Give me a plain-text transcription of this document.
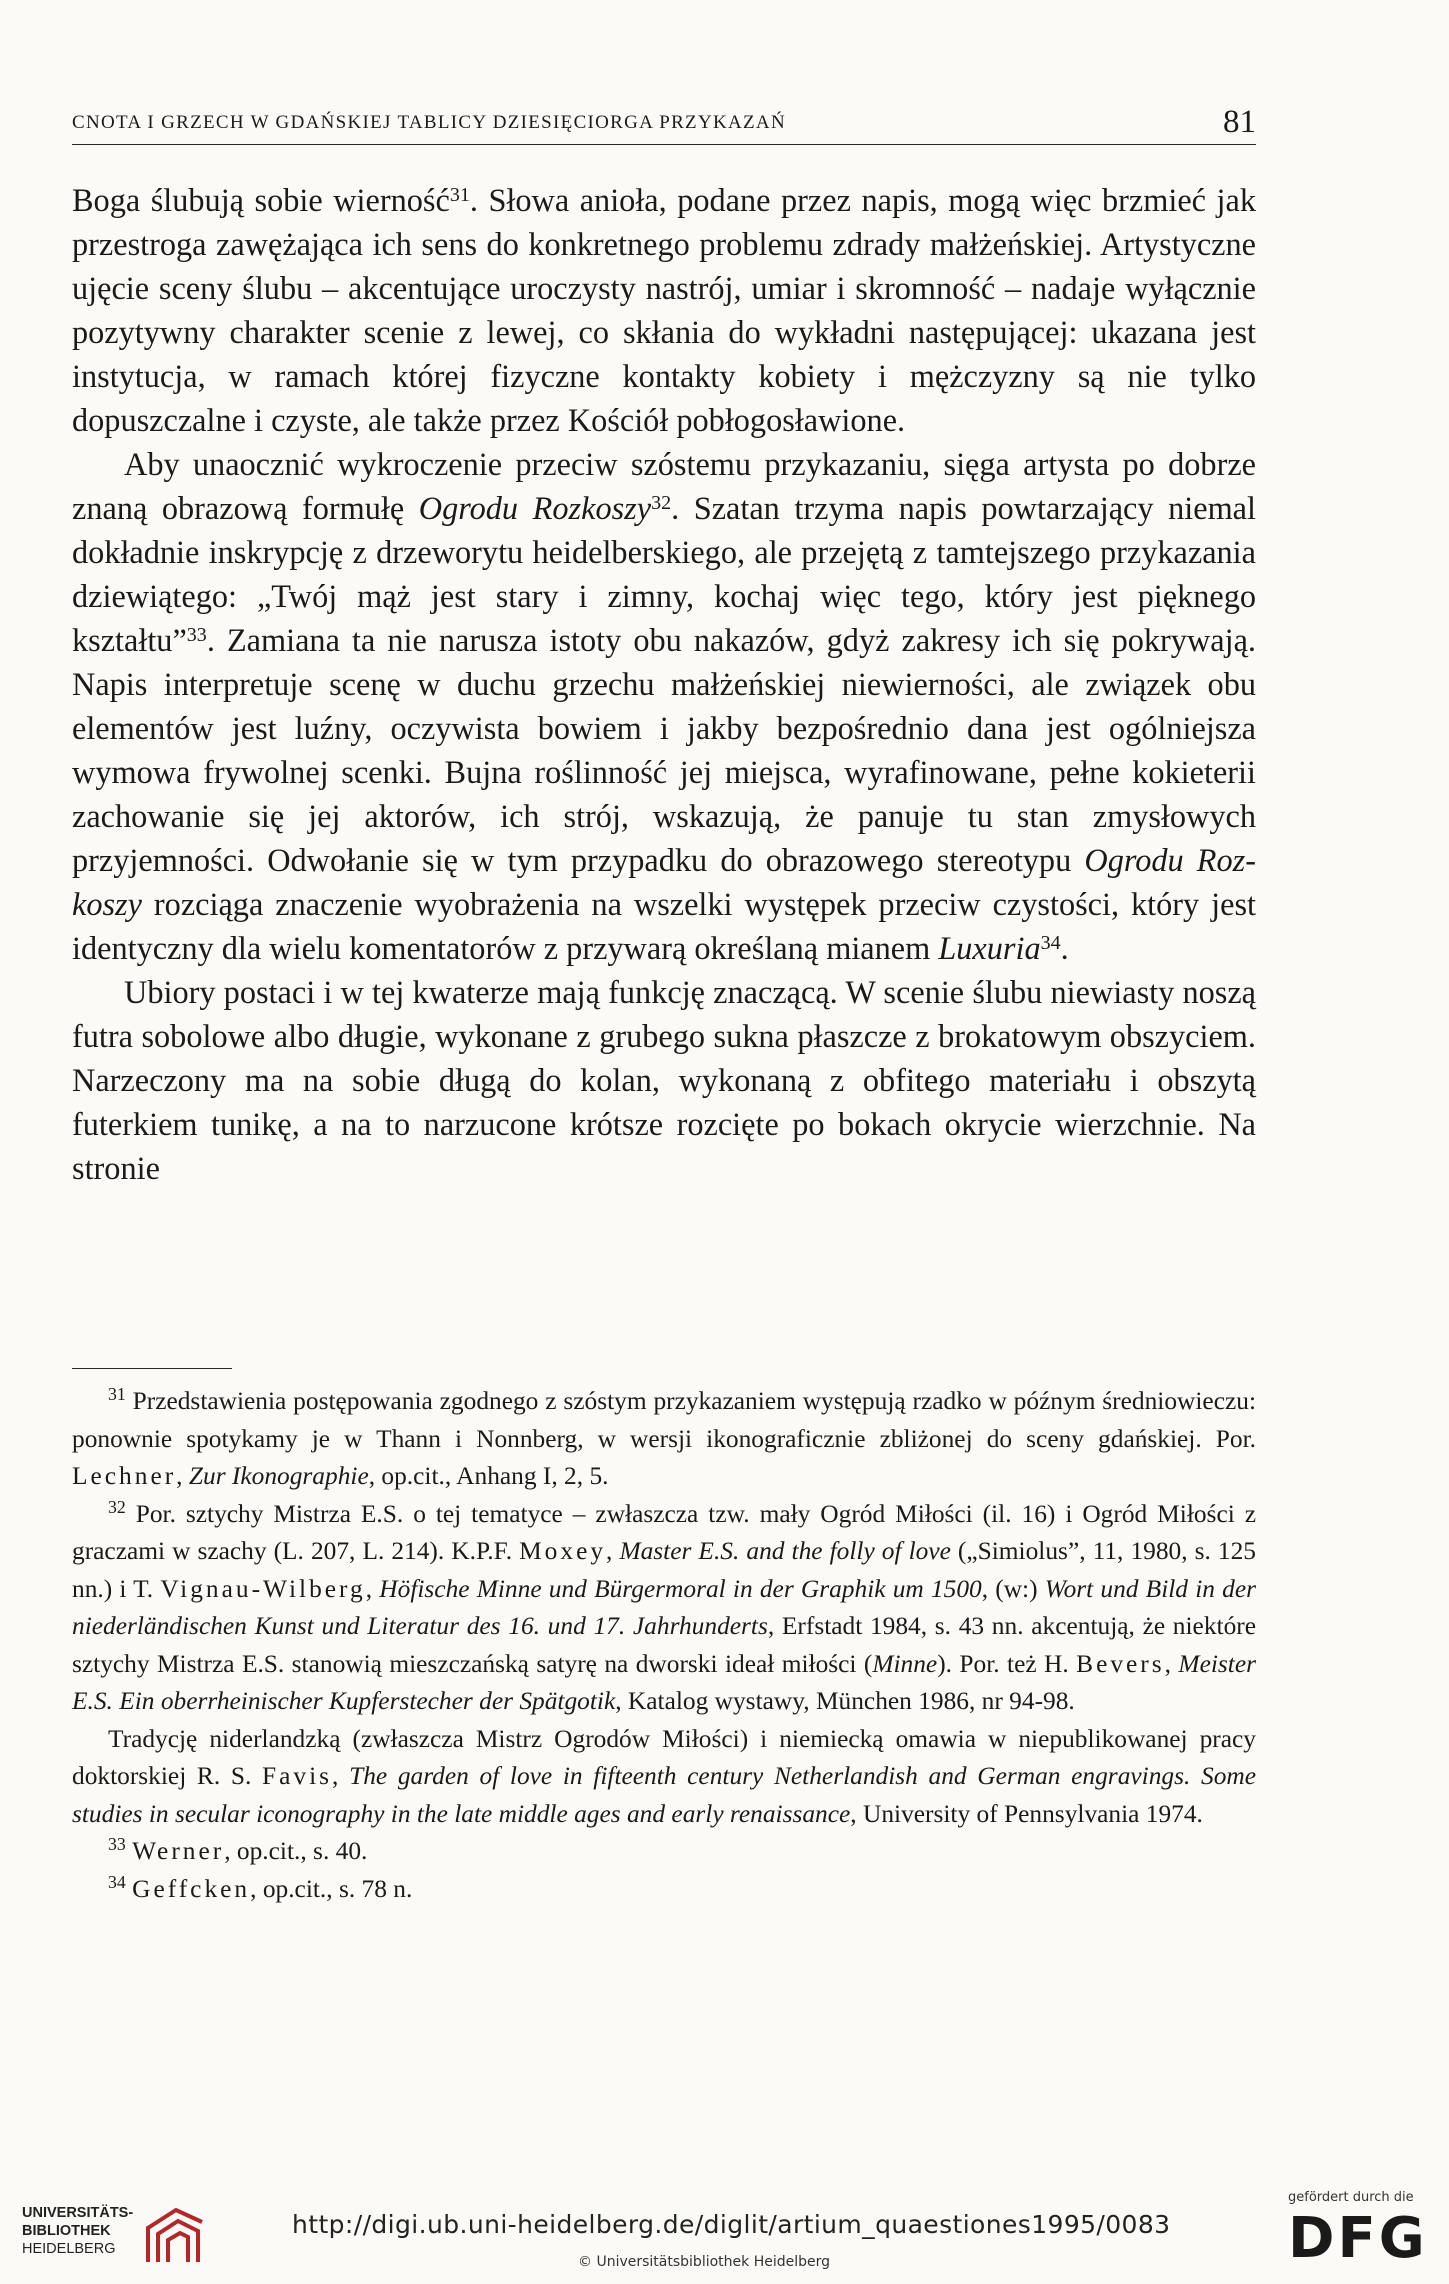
CNOTA I GRZECH W GDAŃSKIEJ TABLICY DZIESIĘCIORGA PRZYKAZAŃ	81

Boga ślubują sobie wierność$^{31}$. Słowa anioła, podane przez napis, mogą więc brzmieć jak przestroga zawężająca ich sens do konkretnego problemu zdrady małżeńskiej. Artystyczne ujęcie sceny ślubu – akcentujące uroczysty nastrój, umiar i skromność – nadaje wyłącznie pozytywny charakter scenie z lewej, co skłania do wykładni następującej: ukazana jest instytucja, w ramach której fizyczne kontakty kobiety i mężczyzny są nie tylko dopuszczalne i czyste, ale także przez Kościół pobłogosławione.

Aby unaocznić wykroczenie przeciw szóstemu przykazaniu, sięga artysta po dobrze znaną obrazową formułę Ogrodu Rozkoszy$^{32}$. Szatan trzyma napis powtarzający niemal dokładnie inskrypcję z drzeworytu heidelberskiego, ale przejętą z tamtejszego przykazania dziewiątego: „Twój mąż jest stary i zimny, kochaj więc tego, który jest pięknego kształtu”$^{33}$. Zamiana ta nie narusza istoty obu nakazów, gdyż zakresy ich się pokrywają. Napis interpretuje scenę w duchu grzechu małżeńskiej niewierności, ale związek obu elementów jest luźny, oczywista bowiem i jakby bezpośrednio dana jest ogólniejsza wymowa frywolnej scenki. Bujna roślinność jej miejsca, wyrafinowane, pełne kokieterii zachowanie się jej aktorów, ich strój, wskazują, że panuje tu stan zmysłowych przyjemności. Odwołanie się w tym przypadku do obrazowego stereotypu Ogrodu Rozkoszy rozciąga znaczenie wyobrażenia na wszelki występek przeciw czystości, który jest identyczny dla wielu komentatorów z przywarą określaną mianem Luxuria$^{34}$.

Ubiory postaci i w tej kwaterze mają funkcję znaczącą. W scenie ślubu niewiasty noszą futra sobolowe albo długie, wykonane z grubego sukna płaszcze z brokatowym obszyciem. Narzeczony ma na sobie długą do kolan, wykonaną z obfitego materiału i obszytą futerkiem tunikę, a na to narzucone krótsze rozcięte po bokach okrycie wierzchnie. Na stronie

$^{31}$ Przedstawienia postępowania zgodnego z szóstym przykazaniem występują rzadko w późnym średniowieczu: ponownie spotykamy je w Thann i Nonnberg, w wersji ikonograficznie zbliżonej do sceny gdańskiej. Por. Lechner, Zur Ikonographie, op.cit., Anhang I, 2, 5.

$^{32}$ Por. sztychy Mistrza E.S. o tej tematyce – zwłaszcza tzw. mały Ogród Miłości (il. 16) i Ogród Miłości z graczami w szachy (L. 207, L. 214). K.P.F. Moxey, Master E.S. and the folly of love („Simiolus”, 11, 1980, s. 125 nn.) i T. Vignau-Wilberg, Höfische Minne und Bürgermoral in der Graphik um 1500, (w:) Wort und Bild in der niederländischen Kunst und Literatur des 16. und 17. Jahrhunderts, Erfstadt 1984, s. 43 nn. akcentują, że niektóre sztychy Mistrza E.S. stanowią mieszczańską satyrę na dworski ideał miłości (Minne). Por. też H. Bevers, Meister E.S. Ein oberrheinischer Kupferstecher der Spätgotik, Katalog wystawy, München 1986, nr 94-98.

Tradycję niderlandzką (zwłaszcza Mistrz Ogrodów Miłości) i niemiecką omawia w niepublikowanej pracy doktorskiej R. S. Favis, The garden of love in fifteenth century Netherlandish and German engravings. Some studies in secular iconography in the late middle ages and early renaissance, University of Pennsylvania 1974.

$^{33}$ Werner, op.cit., s. 40.

$^{34}$ Geffcken, op.cit., s. 78 n.

UNIVERSITÄTS-
BIBLIOTHEK
HEIDELBERG
http://digi.ub.uni-heidelberg.de/diglit/artium_quaestiones1995/0083
© Universitätsbibliothek Heidelberg
gefördert durch die
DFG
